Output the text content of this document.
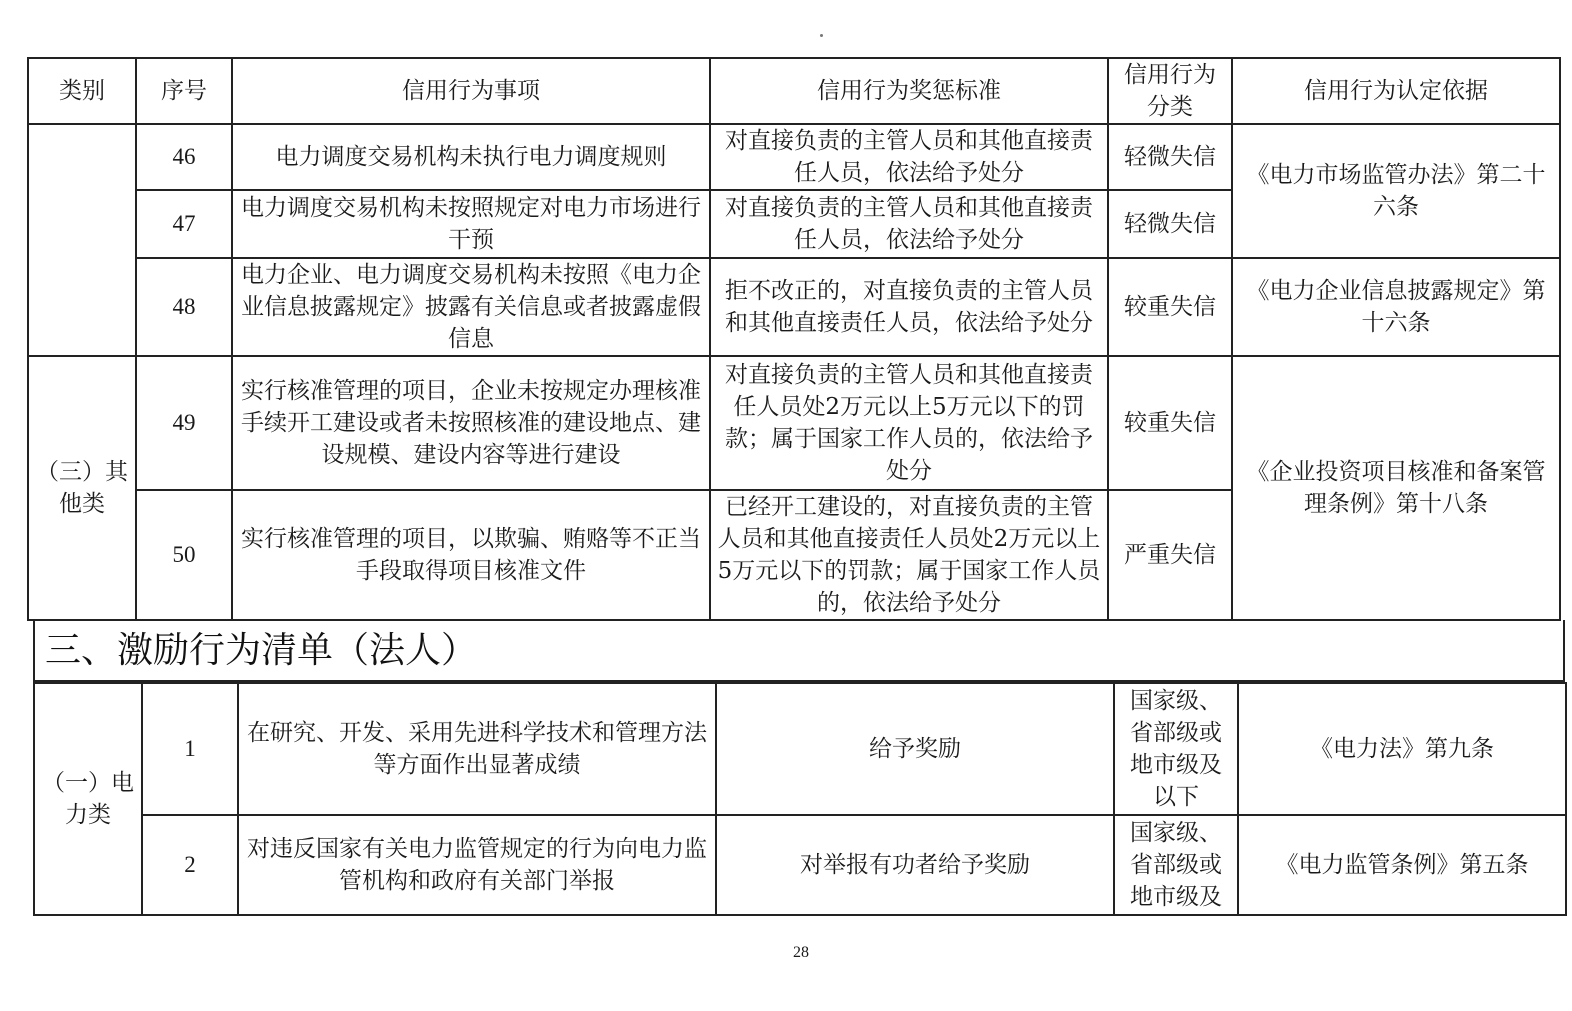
类别	序号	信用行为事项	信用行为奖惩标准	信用行为分类	信用行为认定依据
	46	电力调度交易机构未执行电力调度规则	对直接负责的主管人员和其他直接责任人员，依法给予处分	轻微失信	《电力市场监管办法》第二十六条
	47	电力调度交易机构未按照规定对电力市场进行干预	对直接负责的主管人员和其他直接责任人员，依法给予处分	轻微失信	
	48	电力企业、电力调度交易机构未按照《电力企业信息披露规定》披露有关信息或者披露虚假信息	拒不改正的，对直接负责的主管人员和其他直接责任人员，依法给予处分	较重失信	《电力企业信息披露规定》第十六条
（三）其他类	49	实行核准管理的项目，企业未按规定办理核准手续开工建设或者未按照核准的建设地点、建设规模、建设内容等进行建设	对直接负责的主管人员和其他直接责任人员处2万元以上5万元以下的罚款；属于国家工作人员的，依法给予处分	较重失信	《企业投资项目核准和备案管理条例》第十八条
	50	实行核准管理的项目，以欺骗、贿赂等不正当手段取得项目核准文件	已经开工建设的，对直接负责的主管人员和其他直接责任人员处2万元以上5万元以下的罚款；属于国家工作人员的，依法给予处分	严重失信	
三、激励行为清单（法人）
（一）电力类	1	在研究、开发、采用先进科学技术和管理方法等方面作出显著成绩	给予奖励	国家级、省部级或地市级及以下	《电力法》第九条
	2	对违反国家有关电力监管规定的行为向电力监管机构和政府有关部门举报	对举报有功者给予奖励	国家级、省部级或地市级及	《电力监管条例》第五条
28
